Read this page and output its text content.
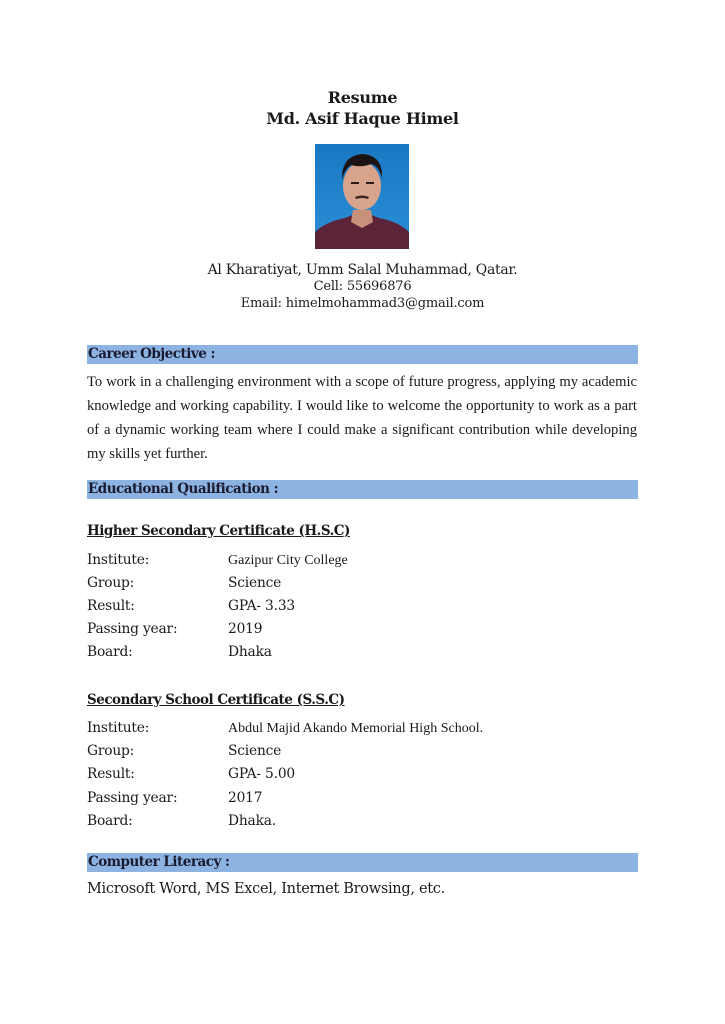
Resume
Md. Asif Haque Himel
Al Kharatiyat, Umm Salal Muhammad, Qatar.
Cell: 55696876
Email: himelmohammad3@gmail.com
Career Objective :
To work in a challenging environment with a scope of future progress, applying my academic knowledge and working capability. I would like to welcome the opportunity to work as a part of a dynamic working team where I could make a significant contribution while developing my skills yet further.
Educational Qualification :
Higher Secondary Certificate (H.S.C)
Institute:	Gazipur City College
Group:	Science
Result:	GPA- 3.33
Passing year:	2019
Board:	Dhaka
Secondary School Certificate (S.S.C)
Institute:	Abdul Majid Akando Memorial High School.
Group:	Science
Result:	GPA- 5.00
Passing year:	2017
Board:	Dhaka.
Computer Literacy :
Microsoft Word, MS Excel, Internet Browsing, etc.
